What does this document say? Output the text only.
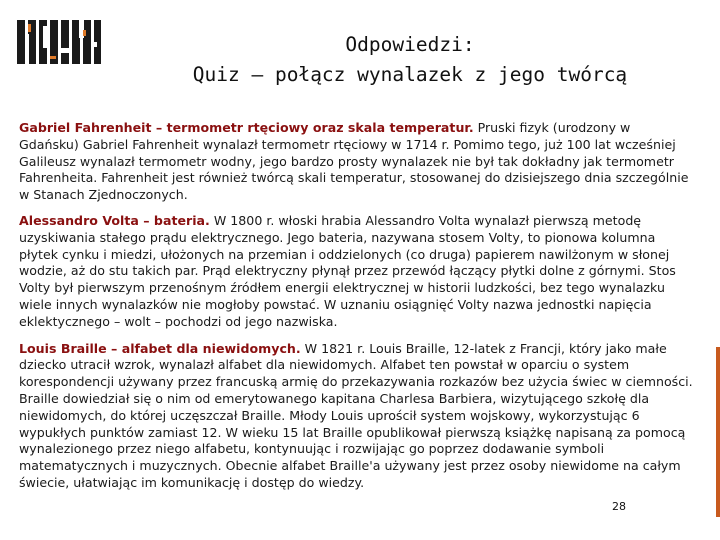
Odpowiedzi:
Quiz – połącz wynalazek z jego twórcą

Gabriel Fahrenheit – termometr rtęciowy oraz skala temperatur. Pruski fizyk (urodzony w Gdańsku) Gabriel Fahrenheit wynalazł termometr rtęciowy w 1714 r. Pomimo tego, już 100 lat wcześniej Galileusz wynalazł termometr wodny, jego bardzo prosty wynalazek nie był tak dokładny jak termometr Fahrenheita. Fahrenheit jest również twórcą skali temperatur, stosowanej do dzisiejszego dnia szczególnie w Stanach Zjednoczonych.

Alessandro Volta – bateria. W 1800 r. włoski hrabia Alessandro Volta wynalazł pierwszą metodę uzyskiwania stałego prądu elektrycznego. Jego bateria, nazywana stosem Volty, to pionowa kolumna płytek cynku i miedzi, ułożonych na przemian i oddzielonych (co druga) papierem nawilżonym w słonej wodzie, aż do stu takich par. Prąd elektryczny płynął przez przewód łączący płytki dolne z górnymi. Stos Volty był pierwszym przenośnym źródłem energii elektrycznej w historii ludzkości, bez tego wynalazku wiele innych wynalazków nie mogłoby powstać. W uznaniu osiągnięć Volty nazwa jednostki napięcia eklektycznego – wolt – pochodzi od jego nazwiska.

Louis Braille – alfabet dla niewidomych. W 1821 r. Louis Braille, 12-latek z Francji, który jako małe dziecko utracił wzrok, wynalazł alfabet dla niewidomych. Alfabet ten powstał w oparciu o system korespondencji używany przez francuską armię do przekazywania rozkazów bez użycia świec w ciemności. Braille dowiedział się o nim od emerytowanego kapitana Charlesa Barbiera, wizytującego szkołę dla niewidomych, do której uczęszczał Braille. Młody Louis uprościł system wojskowy, wykorzystując 6 wypukłych punktów zamiast 12. W wieku 15 lat Braille opublikował pierwszą książkę napisaną za pomocą wynalezionego przez niego alfabetu, kontynuując i rozwijając go poprzez dodawanie symboli matematycznych i muzycznych. Obecnie alfabet Braille'a używany jest przez osoby niewidome na całym świecie, ułatwiając im komunikację i dostęp do wiedzy.

28
